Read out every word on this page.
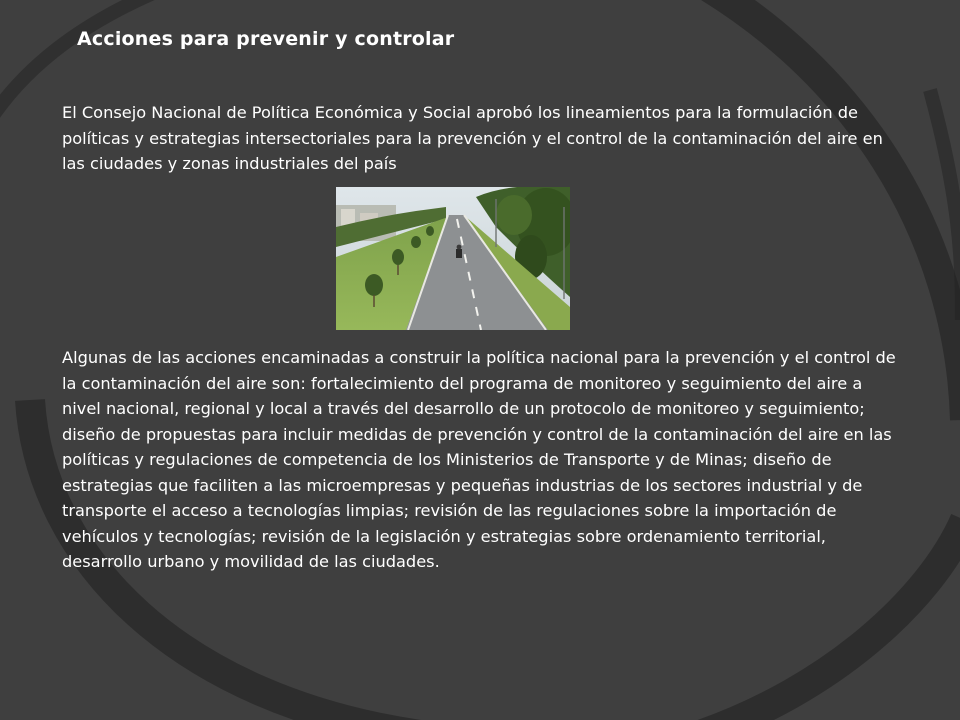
Acciones para prevenir y controlar

El Consejo Nacional de Política Económica y Social aprobó los lineamientos para la formulación de políticas y estrategias intersectoriales para la prevención y el control de la contaminación del aire en las ciudades y zonas industriales del país

Algunas de las acciones encaminadas a construir la política nacional para la prevención y el control de la contaminación del aire son: fortalecimiento del programa de monitoreo y seguimiento del aire a nivel nacional, regional y local a través del desarrollo de un protocolo de monitoreo y seguimiento; diseño de propuestas para incluir medidas de prevención y control de la contaminación del aire en las políticas y regulaciones de competencia de los Ministerios de Transporte y de Minas; diseño de estrategias que faciliten a las microempresas y pequeñas industrias de los sectores industrial y de transporte el acceso a tecnologías limpias; revisión de las regulaciones sobre la importación de vehículos y tecnologías; revisión de la legislación y estrategias sobre ordenamiento territorial, desarrollo urbano y movilidad de las ciudades.
